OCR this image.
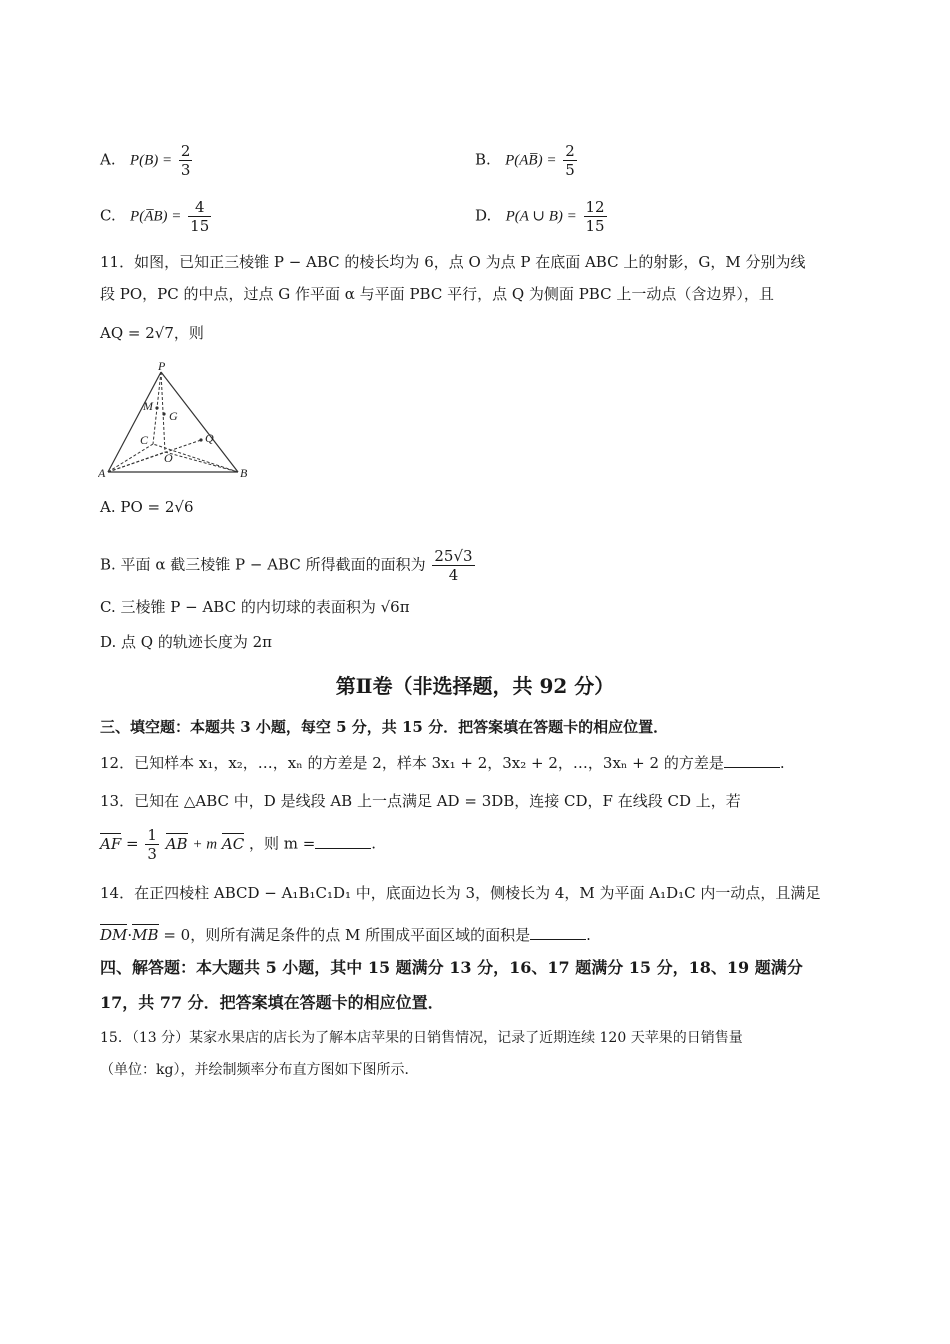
A. $P(B) = \frac{2}{3}$	B. P(AB̅) = $\frac{2}{5}$
C. P(A̅B) = $\frac{4}{15}$	D. P(A ∪ $B) = \frac{12}{15}$
11．如图，已知正三棱锥 P − ABC 的棱长均为 6，点 O 为点 P 在底面 ABC 上的射影，G，M 分别为线
段 PO，PC 的中点，过点 G 作平面 α 与平面 PBC 平行，点 Q 为侧面 PBC 上一动点（含边界），且
AQ = 2√7，则
P
M
G
C	Q
O
A	B
A. PO = 2√6
B. 平面 α 截三棱锥 P − ABC 所得截面的面积为 $\frac{25√3}{4}$
C. 三棱锥 P − ABC 的内切球的表面积为 √6π
D. 点 Q 的轨迹长度为 2π
第Ⅱ卷（非选择题，共 92 分）
三、填空题：本题共 3 小题，每空 5 分，共 15 分．把答案填在答题卡的相应位置．
12．已知样本 x₁，x₂，…，xₙ 的方差是 2，样本 3x₁ + 2，3x₂ + 2，…，3xₙ + 2 的方差是	.
13．已知在 △ABC 中，D 是线段 AB 上一点满足 AD = 3DB，连接 CD，F 在线段 CD 上，若
AF = $\frac{1}{3}$ AB + m AC ，则 m =	.
14．在正四棱柱 ABCD − A₁B₁C₁D₁ 中，底面边长为 3，侧棱长为 4，M 为平面 A₁D₁C 内一动点，且满足
DM·MB = 0，则所有满足条件的点 M 所围成平面区域的面积是	.
四、解答题：本大题共 5 小题，其中 15 题满分 13 分，16、17 题满分 15 分，18、19 题满分
17，共 77 分．把答案填在答题卡的相应位置．
15．（13 分）某家水果店的店长为了解本店苹果的日销售情况，记录了近期连续 120 天苹果的日销售量
（单位：kg），并绘制频率分布直方图如下图所示．
